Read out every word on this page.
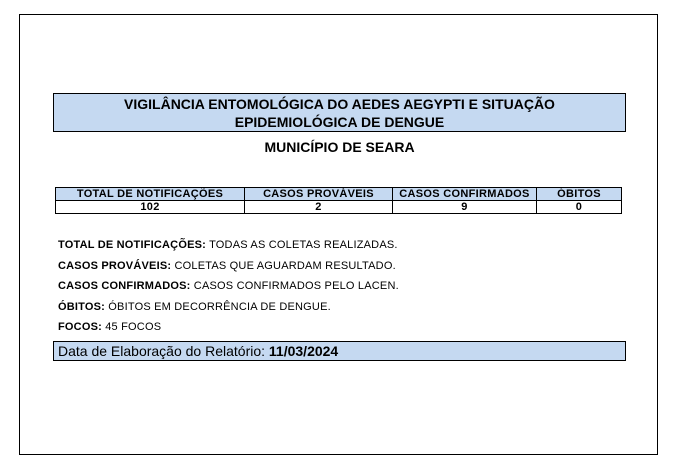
VIGILÂNCIA ENTOMOLÓGICA DO AEDES AEGYPTI E SITUAÇÃO
EPIDEMIOLÓGICA DE DENGUE
MUNICÍPIO DE SEARA
TOTAL DE NOTIFICAÇÕES	CASOS PROVÁVEIS	CASOS CONFIRMADOS	ÓBITOS
102	2	9	0
TOTAL DE NOTIFICAÇÕES: TODAS AS COLETAS REALIZADAS.
CASOS PROVÁVEIS: COLETAS QUE AGUARDAM RESULTADO.
CASOS CONFIRMADOS: CASOS CONFIRMADOS PELO LACEN.
ÓBITOS: ÓBITOS EM DECORRÊNCIA DE DENGUE.
FOCOS: 45 FOCOS
Data de Elaboração do Relatório: 11/03/2024
